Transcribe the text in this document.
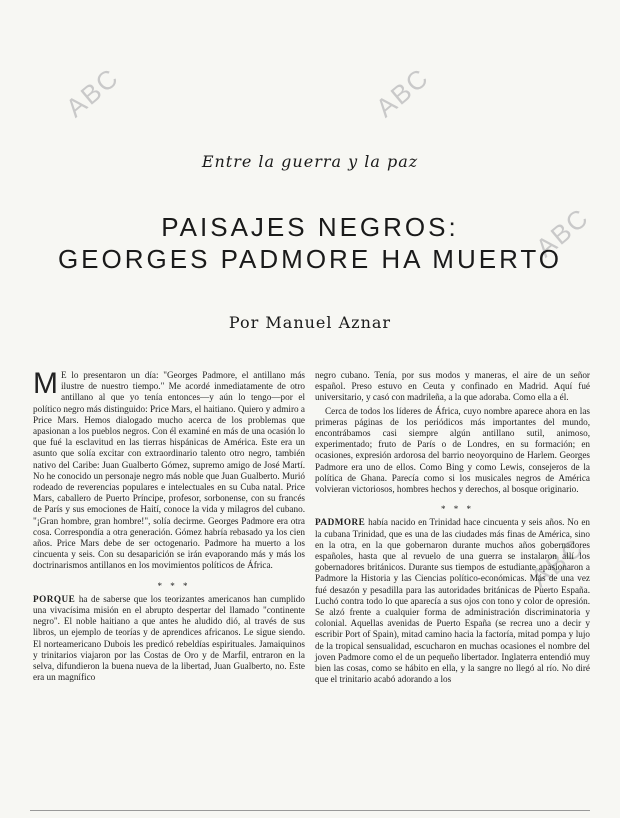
ABC	ABC
ABC
ABC
Entre la guerra y la paz
PAISAJES NEGROS:
GEORGES PADMORE HA MUERTO
Por Manuel Aznar

M E lo presentaron un día: "Georges Padmore, el antillano más ilustre de nuestro tiempo." Me acordé inmediatamente de otro antillano al que yo tenía entonces—y aún lo tengo—por el político negro más distinguido: Price Mars, el haitiano. Quiero y admiro a Price Mars. Hemos dialogado mucho acerca de los problemas que apasionan a los pueblos negros. Con él examiné en más de una ocasión lo que fué la esclavitud en las tierras hispánicas de América. Este era un asunto que solía excitar con extraordinario talento otro negro, también nativo del Caribe: Juan Gualberto Gómez, supremo amigo de José Martí. No he conocido un personaje negro más noble que Juan Gualberto. Murió rodeado de reverencias populares e intelectuales en su Cuba natal. Price Mars, caballero de Puerto Príncipe, profesor, sorbonense, con su francés de París y sus emociones de Haití, conoce la vida y milagros del cubano. "¡Gran hombre, gran hombre!", solía decirme. Georges Padmore era otra cosa. Correspondía a otra generación. Gómez habría rebasado ya los cien años. Price Mars debe de ser octogenario. Padmore ha muerto a los cincuenta y seis. Con su desaparición se irán evaporando más y más los doctrinarismos antillanos en los movimientos políticos de África.

* * *

PORQUE ha de saberse que los teorizantes americanos han cumplido una vivacísima misión en el abrupto despertar del llamado "continente negro". El noble haitiano a que antes he aludido dió, al través de sus libros, un ejemplo de teorías y de aprendices africanos. Le sigue siendo. El norteamericano Dubois les predicó rebeldías espirituales. Jamaiquinos y trinitarios viajaron por las Costas de Oro y de Marfil, entraron en la selva, difundieron la buena nueva de la libertad, Juan Gualberto, no. Este era un magnífico

negro cubano. Tenía, por sus modos y maneras, el aire de un señor español. Preso estuvo en Ceuta y confinado en Madrid. Aquí fué universitario, y casó con madrileña, a la que adoraba. Como ella a él.

Cerca de todos los líderes de África, cuyo nombre aparece ahora en las primeras páginas de los periódicos más importantes del mundo, encontrábamos casi siempre algún antillano sutil, animoso, experimentado; fruto de París o de Londres, en su formación; en ocasiones, expresión ardorosa del barrio neoyorquino de Harlem. Georges Padmore era uno de ellos. Como Bing y como Lewis, consejeros de la política de Ghana. Parecía como si los musicales negros de América volvieran victoriosos, hombres hechos y derechos, al bosque originario.

* * *

PADMORE había nacido en Trinidad hace cincuenta y seis años. No en la cubana Trinidad, que es una de las ciudades más finas de América, sino en la otra, en la que gobernaron durante muchos años gobernadores españoles, hasta que al revuelo de una guerra se instalaron allí los gobernadores británicos. Durante sus tiempos de estudiante apasionaron a Padmore la Historia y las Ciencias político-económicas. Más de una vez fué desazón y pesadilla para las autoridades británicas de Puerto España. Luchó contra todo lo que aparecía a sus ojos con tono y color de opresión. Se alzó frente a cualquier forma de administración discriminatoria y colonial. Aquellas avenidas de Puerto España (se recrea uno a decir y escribir Port of Spain), mitad camino hacia la factoría, mitad pompa y lujo de la tropical sensualidad, escucharon en muchas ocasiones el nombre del joven Padmore como el de un pequeño libertador. Inglaterra entendió muy bien las cosas, como se hábito en ella, y la sangre no llegó al río. No diré que el trinitario acabó adorando a los
